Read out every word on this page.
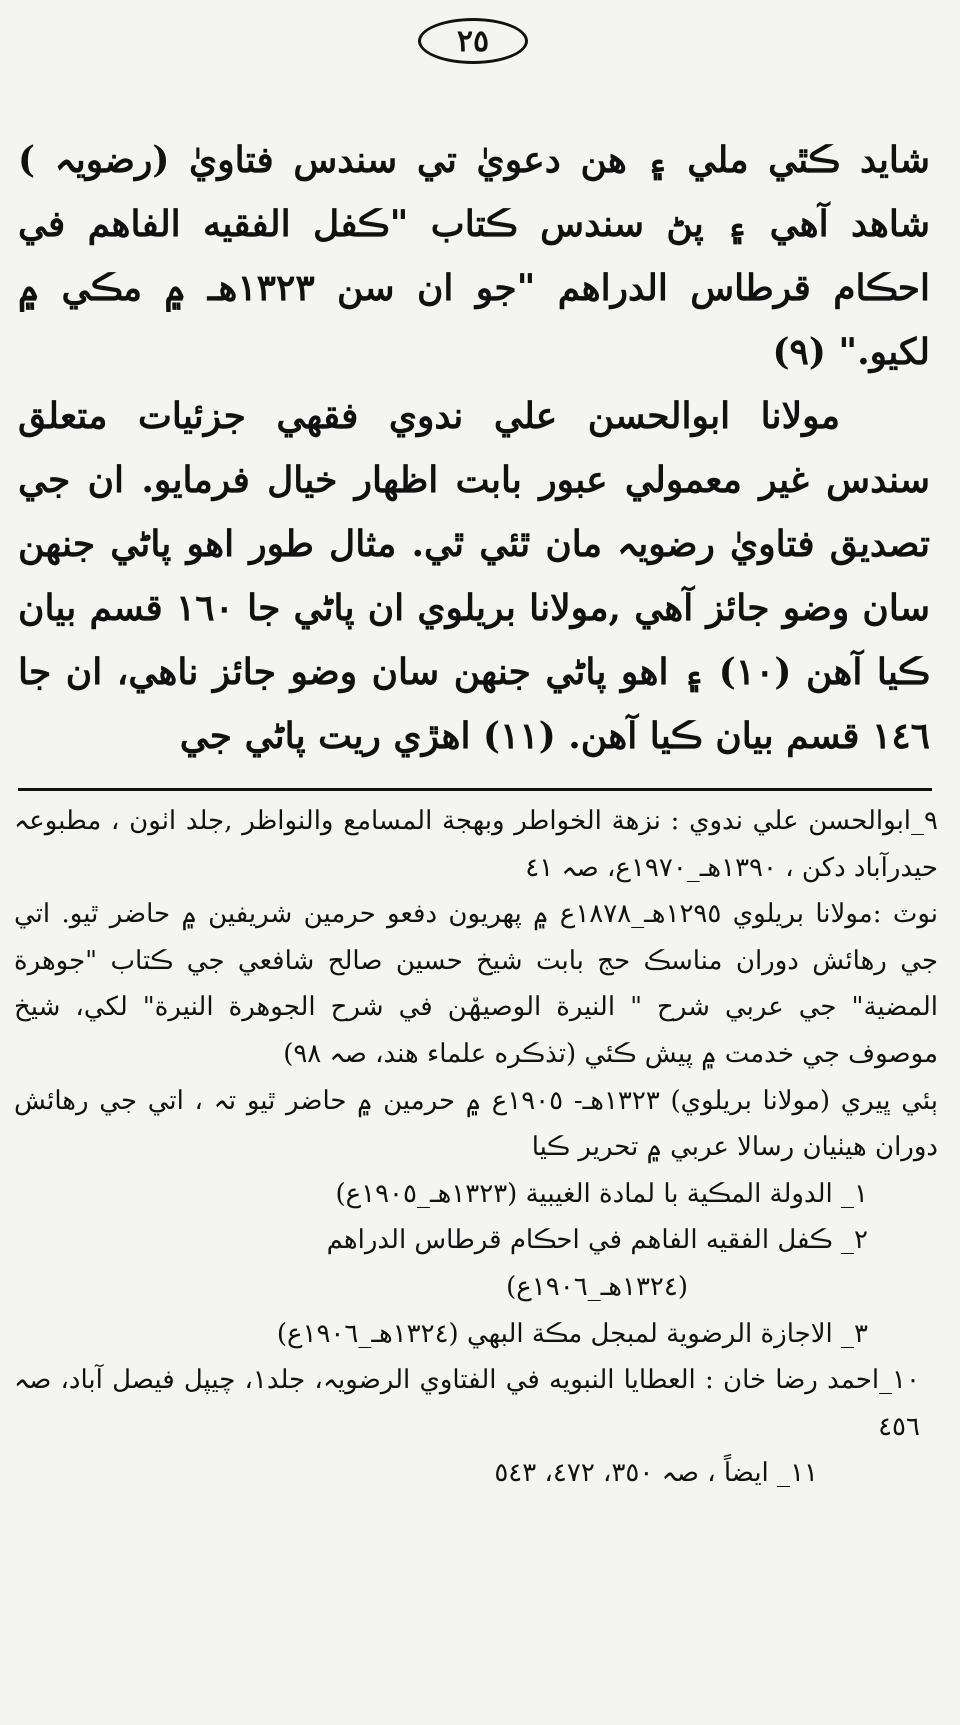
٢٥

شايد ڪٿي ملي ۽ هن دعويٰ تي سندس فتاويٰ (رضويہ ) شاهد آهي ۽ پڻ سندس ڪتاب "ڪفل الفقيه الفاهم في احڪام قرطاس الدراهم "جو ان سن ١٣٢٣هـ ۾ مڪي ۾ لکيو." (٩)

مولانا ابوالحسن علي ندوي فقهي جزئيات متعلق سندس غير معمولي عبور بابت اظهار خيال فرمايو. ان جي تصديق فتاويٰ رضويہ مان ٿئي ٿي. مثال طور اهو پاڻي جنهن سان وضو جائز آهي ,مولانا بريلوي ان پاڻي جا ١٦٠ قسم بيان ڪيا آهن (١٠) ۽ اهو پاڻي جنهن سان وضو جائز ناهي، ان جا ١٤٦ قسم بيان ڪيا آهن. (١١) اهڙي ريت پاڻي جي

٩_ابوالحسن علي ندوي : نزهة الخواطر وبهجة المسامع والنواظر ,جلد اٺون ، مطبوعہ حيدرآباد دکن ، ١٣٩٠هـ_١٩٧٠ع، صہ ٤١

نوٽ :مولانا بريلوي ١٢٩٥هـ_١٨٧٨ع ۾ پهريون دفعو حرمين شريفين ۾ حاضر ٿيو. اتي جي رهائش دوران مناسڪ حج بابت شيخ حسين صالح شافعي جي ڪتاب "جوهرة المضية" جي عربي شرح " النيرة الوصيه٘ن في شرح الجوهرة النيرة" لکي، شيخ موصوف جي خدمت ۾ پيش ڪئي (تذڪره علماء هند، صہ ٩٨)

ٻئي ڀيري (مولانا بريلوي) ١٣٢٣هـ- ١٩٠٥ع ۾ حرمين ۾ حاضر ٿيو تہ ، اتي جي رهائش دوران هيٺيان رسالا عربي ۾ تحرير ڪيا

١_ الدولة المڪية با لمادة الغيبية (١٣٢٣هـ_١٩٠٥ع)

٢_ ڪفل الفقيه الفاهم في احڪام قرطاس الدراهم

(١٣٢٤هـ_١٩٠٦ع)

٣_ الاجازة الرضوية لمبجل مڪة البهي (١٣٢٤هـ_١٩٠٦ع)

١٠_احمد رضا خان : العطايا النبويه في الفتاوي الرضويہ، جلد١، چيپل فيصل آباد، صہ ٤٥٦

١١_ ايضاً ، صہ ٣٥٠، ٤٧٢، ٥٤٣
